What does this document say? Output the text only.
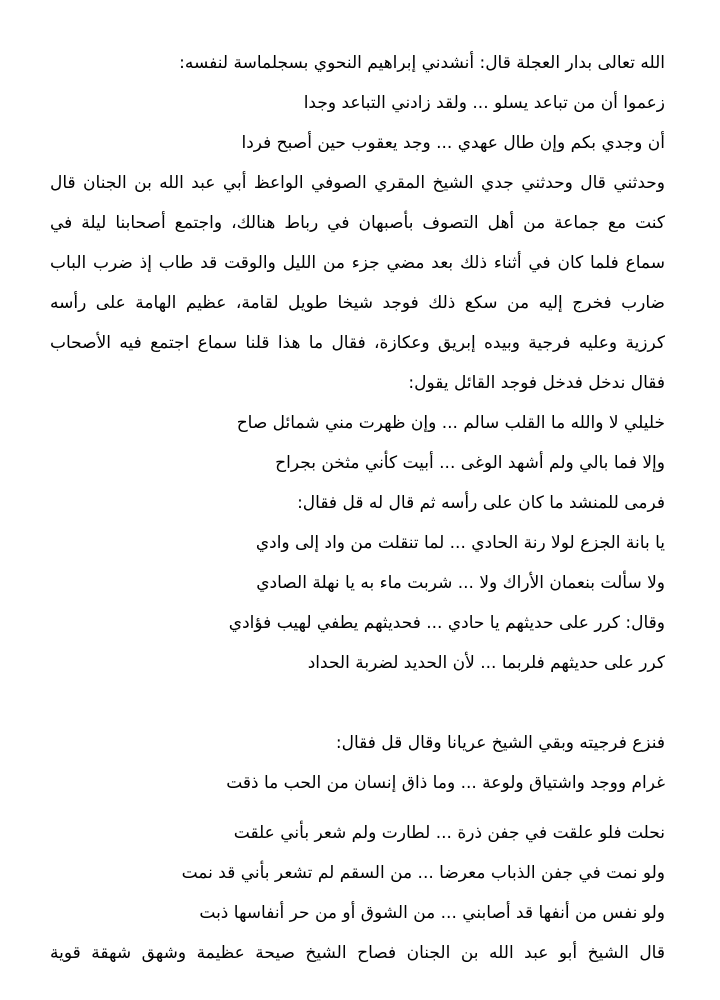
الله تعالى بدار العجلة قال: أنشدني إبراهيم النحوي بسجلماسة لنفسه:
زعموا أن من تباعد يسلو ... ولقد زادني التباعد وجدا
أن وجدي بكم وإن طال عهدي ... وجد يعقوب حين أصبح فردا
وحدثني قال وحدثني جدي الشيخ المقري الصوفي الواعظ أبي عبد الله بن الجنان قال
كنت مع جماعة من أهل التصوف بأصبهان في رباط هنالك، واجتمع أصحابنا ليلة في
سماع فلما كان في أثناء ذلك بعد مضي جزء من الليل والوقت قد طاب إذ ضرب الباب
ضارب فخرج إليه من سكع ذلك فوجد شيخا طويل لقامة، عظيم الهامة على رأسه
كرزية وعليه فرجية وبيده إبريق وعكازة، فقال ما هذا قلنا سماع اجتمع فيه الأصحاب
فقال ندخل فدخل فوجد القائل يقول:
خليلي لا والله ما القلب سالم ... وإن ظهرت مني شمائل صاح
وإلا فما بالي ولم أشهد الوغى ... أبيت كأني مثخن بجراح
فرمى للمنشد ما كان على رأسه ثم قال له قل فقال:
يا بانة الجزع لولا رنة الحادي ... لما تنقلت من واد إلى وادي
ولا سألت بنعمان الأراك ولا ... شربت ماء به يا نهلة الصادي
وقال: كرر على حديثهم يا حادي ... فحديثهم يطفي لهيب فؤادي
كرر على حديثهم فلربما ... لأن الحديد لضربة الحداد
فنزع فرجيته وبقي الشيخ عريانا وقال قل فقال:
غرام ووجد واشتياق ولوعة ... وما ذاق إنسان من الحب ما ذقت
نحلت فلو علقت في جفن ذرة ... لطارت ولم شعر بأني علقت
ولو نمت في جفن الذباب معرضا ... من السقم لم تشعر بأني قد نمت
ولو نفس من أنفها قد أصابني ... من الشوق أو من حر أنفاسها ذبت
قال الشيخ أبو عبد الله بن الجنان فصاح الشيخ صيحة عظيمة وشهق شهقة قوية
